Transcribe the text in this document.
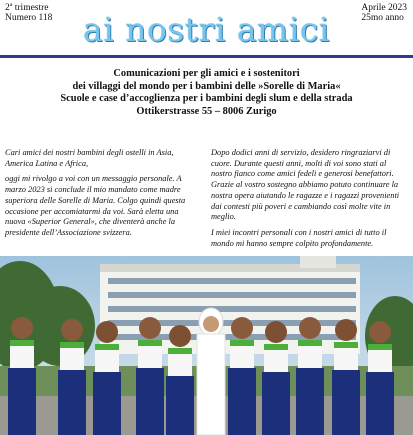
2ª trimestre
Numero 118
Aprile 2023
25mo anno
ai nostri amici
Comunicazioni per gli amici e i sostenitori
dei villaggi del mondo per i bambini delle »Sorelle di Maria«
Scuole e case d’accoglienza per i bambini degli slum e della strada
Ottikerstrasse 55 – 8006 Zurigo

Cari amici dei nostri bambini degli ostelli in Asia, America Latina e Africa,

oggi mi rivolgo a voi con un messaggio personale. A marzo 2023 si conclude il mio mandato come madre superiora delle Sorelle di Maria. Colgo quindi questa occasione per accomiatarmi da voi. Sarà eletta una nuova «Superior General», che diventerà anche la presidente dell’Associazione svizzera.

Dopo dodici anni di servizio, desidero ringraziarvi di cuore. Durante questi anni, molti di voi sono stati al nostro fianco come amici fedeli e generosi benefattori. Grazie al vostro sostegno abbiamo potuto continuare la nostra opera aiutando le ragazze e i ragazzi provenienti dai contesti più poveri e cambiando così molte vite in meglio.

I miei incontri personali con i nostri amici di tutto il mondo mi hanno sempre colpito profondamente.
